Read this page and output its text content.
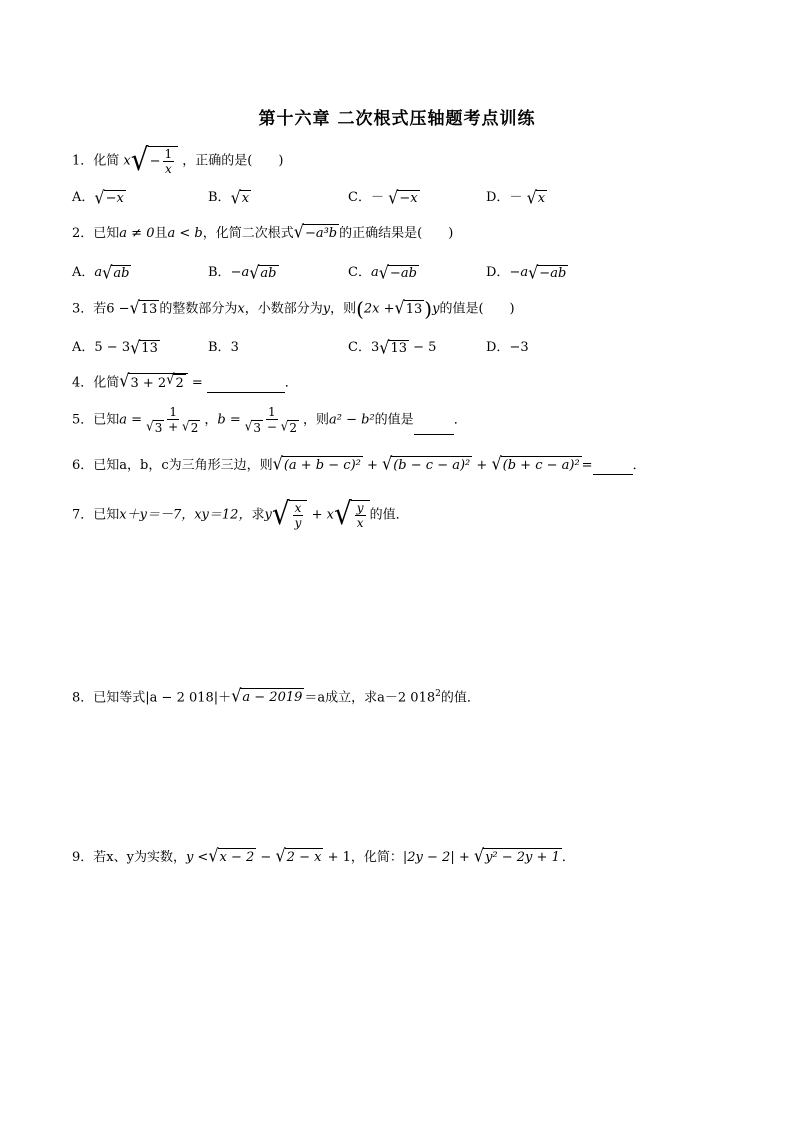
第十六章 二次根式压轴题考点训练
1．化简 x √ − $\frac{1}{x}$ ，正确的是(　　)
A． √ −x	B． √ x	C．－ √ −x	D．－ √ x
2．已知a ≠ 0且a < b，化简二次根式 √ −a³b 的正确结果是(　　)
A．a √ ab	B．−a √ ab	C．a √ −ab	D．−a √ −ab
3．若6 − √ 13 的整数部分为x，小数部分为y，则(2x + √ 13 )y的值是(　　)
A．5 − 3 √ 13	B．3	C．3 √ 13 − 5	D．−3
4．化简 √ 3 + 2 √ 2 =	．
5．已知$a = \frac{1}{√ 3 + √ 2}$ ，$b = \frac{1}{√ 3 - √ 2}$ ，则a² − b²的值是	．
6．已知a，b，c为三角形三边，则 √ (a + b − c)² + √ (b − c − a)² + √ (b + c − a)² =	．
7．已知x＋y＝－7，xy＝12，求y √ $\frac{x}{y} + x$ √ $\frac{y}{x}$ 的值．
8．已知等式|a − 2 018|＋ √ a − 2019 ＝a成立，求a－2 $018^2$的值．
9．若x、y为实数，y < √ x − 2 − √ 2 − x + 1，化简：|2y − 2| + √ y² − 2y + 1 ．
